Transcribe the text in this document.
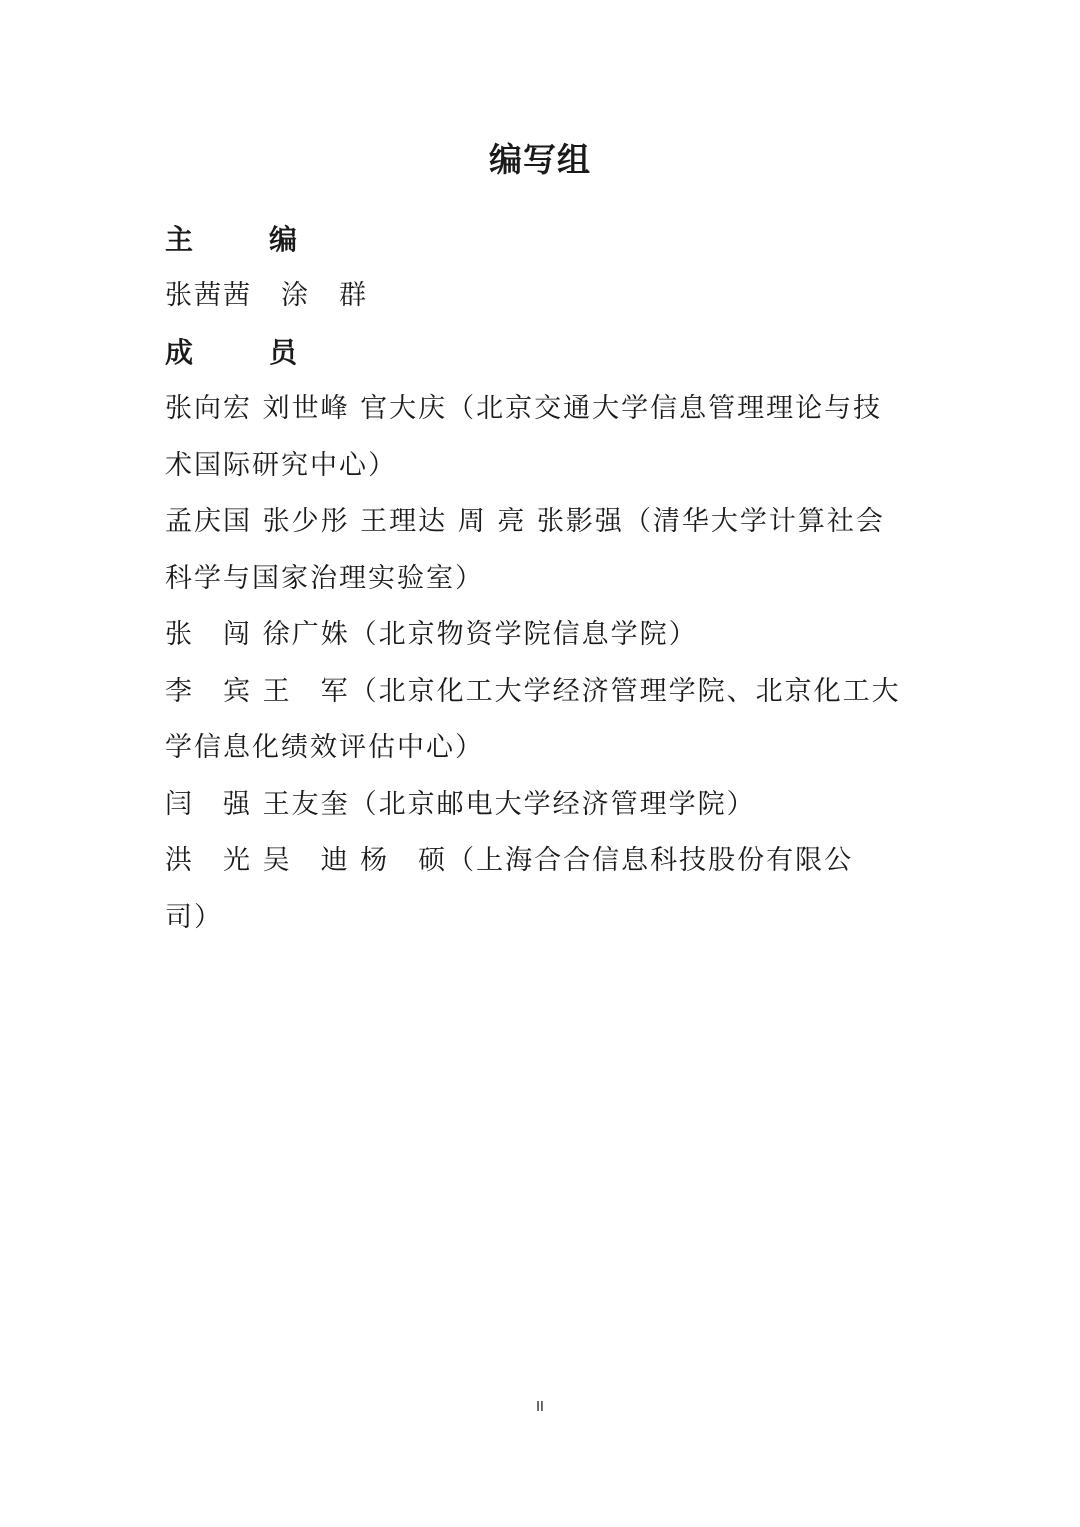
编写组
主　编
张茜茜　涂　群
成　员
张向宏 刘世峰 官大庆（北京交通大学信息管理理论与技
术国际研究中心）
孟庆国 张少彤 王理达 周 亮 张影强（清华大学计算社会
科学与国家治理实验室）
张　闯 徐广姝（北京物资学院信息学院）
李　宾 王　军（北京化工大学经济管理学院、北京化工大
学信息化绩效评估中心）
闫　强 王友奎（北京邮电大学经济管理学院）
洪　光 吴　迪 杨　硕（上海合合信息科技股份有限公
司）
II
